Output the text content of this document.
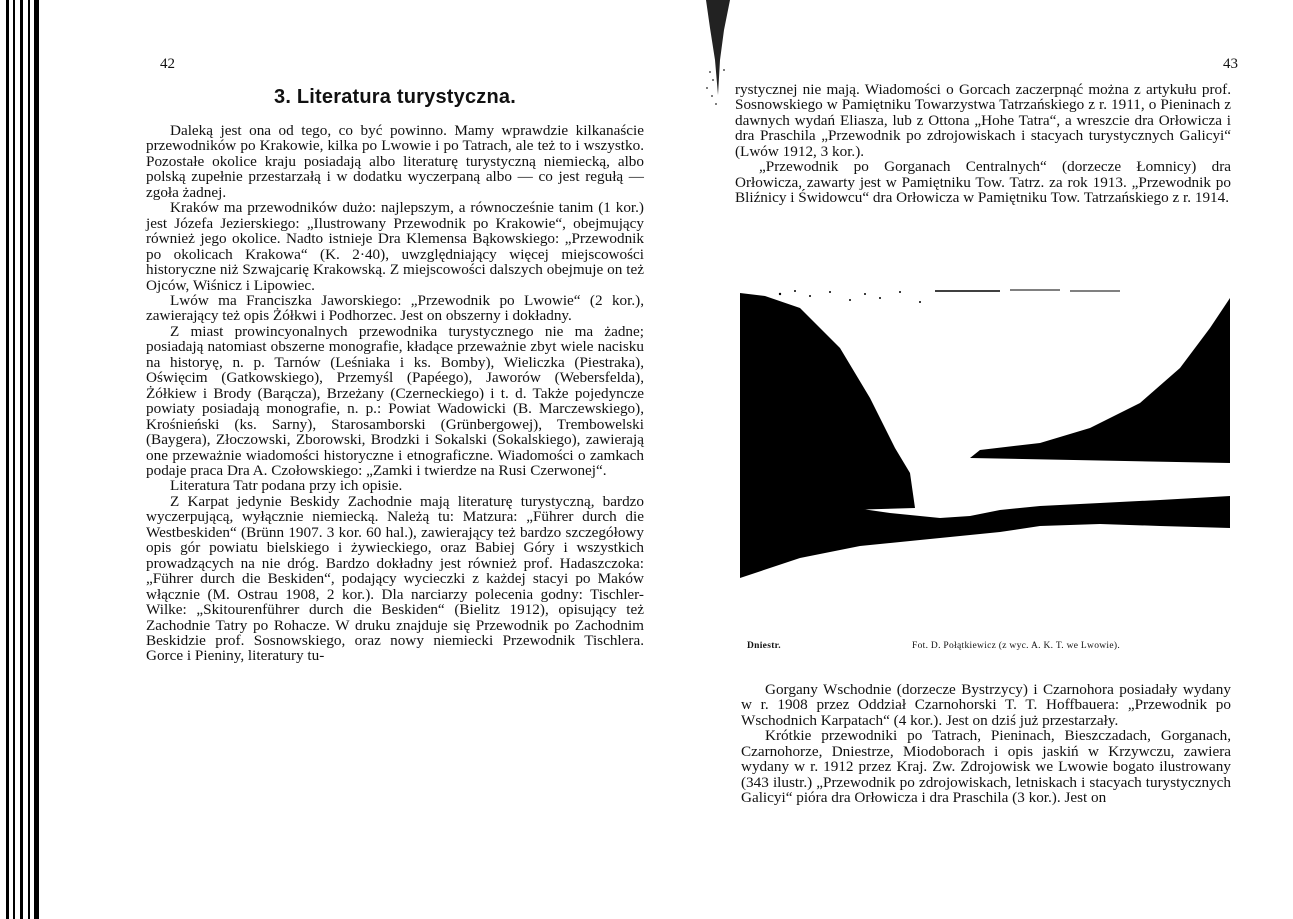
42
3. Literatura turystyczna.

Daleką jest ona od tego, co być powinno. Mamy wprawdzie kilkanaście przewodników po Krakowie, kilka po Lwowie i po Tatrach, ale też to i wszystko. Pozostałe okolice kraju posiadają albo literaturę turystyczną niemiecką, albo polską zupełnie przestarzałą i w dodatku wyczerpaną albo — co jest regułą — zgoła żadnej.

Kraków ma przewodników dużo: najlepszym, a równocześnie tanim (1 kor.) jest Józefa Jezierskiego: „Ilustrowany Przewodnik po Krakowie“, obejmujący również jego okolice. Nadto istnieje Dra Klemensa Bąkowskiego: „Przewodnik po okolicach Krakowa“ (K. 2·40), uwzględniający więcej miejscowości historyczne niż Szwajcarię Krakowską. Z miejscowości dalszych obejmuje on też Ojców, Wiśnicz i Lipowiec.

Lwów ma Franciszka Jaworskiego: „Przewodnik po Lwowie“ (2 kor.), zawierający też opis Żółkwi i Podhorzec. Jest on obszerny i dokładny.

Z miast prowincyonalnych przewodnika turystycznego nie ma żadne; posiadają natomiast obszerne monografie, kładące przeważnie zbyt wiele nacisku na historyę, n. p. Tarnów (Leśniaka i ks. Bomby), Wieliczka (Piestraka), Oświęcim (Gatkowskiego), Przemyśl (Papéego), Jaworów (Webersfelda), Żółkiew i Brody (Barącza), Brzeżany (Czerneckiego) i t. d. Także pojedyncze powiaty posiadają monografie, n. p.: Powiat Wadowicki (B. Marczewskiego), Krośnieński (ks. Sarny), Starosamborski (Grünbergowej), Trembowelski (Baygera), Złoczowski, Zborowski, Brodzki i Sokalski (Sokalskiego), zawierają one przeważnie wiadomości historyczne i etnograficzne. Wiadomości o zamkach podaje praca Dra A. Czołowskiego: „Zamki i twierdze na Rusi Czerwonej“.

Literatura Tatr podana przy ich opisie.

Z Karpat jedynie Beskidy Zachodnie mają literaturę turystyczną, bardzo wyczerpującą, wyłącznie niemiecką. Należą tu: Matzura: „Führer durch die Westbeskiden“ (Brünn 1907. 3 kor. 60 hal.), zawierający też bardzo szczegółowy opis gór powiatu bielskiego i żywieckiego, oraz Babiej Góry i wszystkich prowadzących na nie dróg. Bardzo dokładny jest również prof. Hadaszczoka: „Führer durch die Beskiden“, podający wycieczki z każdej stacyi po Maków włącznie (M. Ostrau 1908, 2 kor.). Dla narciarzy polecenia godny: Tischler-Wilke: „Skitourenführer durch die Beskiden“ (Bielitz 1912), opisujący też Zachodnie Tatry po Rohacze. W druku znajduje się Przewodnik po Zachodnim Beskidzie prof. Sosnowskiego, oraz nowy niemiecki Przewodnik Tischlera. Gorce i Pieniny, literatury tu-

43

rystycznej nie mają. Wiadomości o Gorcach zaczerpnąć można z artykułu prof. Sosnowskiego w Pamiętniku Towarzystwa Tatrzańskiego z r. 1911, o Pieninach z dawnych wydań Eliasza, lub z Ottona „Hohe Tatra“, a wreszcie dra Orłowicza i dra Praschila „Przewodnik po zdrojowiskach i stacyach turystycznych Galicyi“ (Lwów 1912, 3 kor.).

„Przewodnik po Gorganach Centralnych“ (dorzecze Łomnicy) dra Orłowicza, zawarty jest w Pamiętniku Tow. Tatrz. za rok 1913. „Przewodnik po Bliźnicy i Świdowcu“ dra Orłowicza w Pamiętniku Tow. Tatrzańskiego z r. 1914.

Gorgany Wschodnie (dorzecze Bystrzycy) i Czarnohora posiadały wydany w r. 1908 przez Oddział Czarnohorski T. T. Hoffbauera: „Przewodnik po Wschodnich Karpatach“ (4 kor.). Jest on dziś już przestarzały.

Krótkie przewodniki po Tatrach, Pieninach, Bieszczadach, Gorganach, Czarnohorze, Dniestrze, Miodoborach i opis jaskiń w Krzywczu, zawiera wydany w r. 1912 przez Kraj. Zw. Zdrojowisk we Lwowie bogato ilustrowany (343 ilustr.) „Przewodnik po zdrojowiskach, letniskach i stacyach turystycznych Galicyi“ pióra dra Orłowicza i dra Praschila (3 kor.). Jest on

Dniestr.	Fot. D. Połątkiewicz (z wyc. A. K. T. we Lwowie).
